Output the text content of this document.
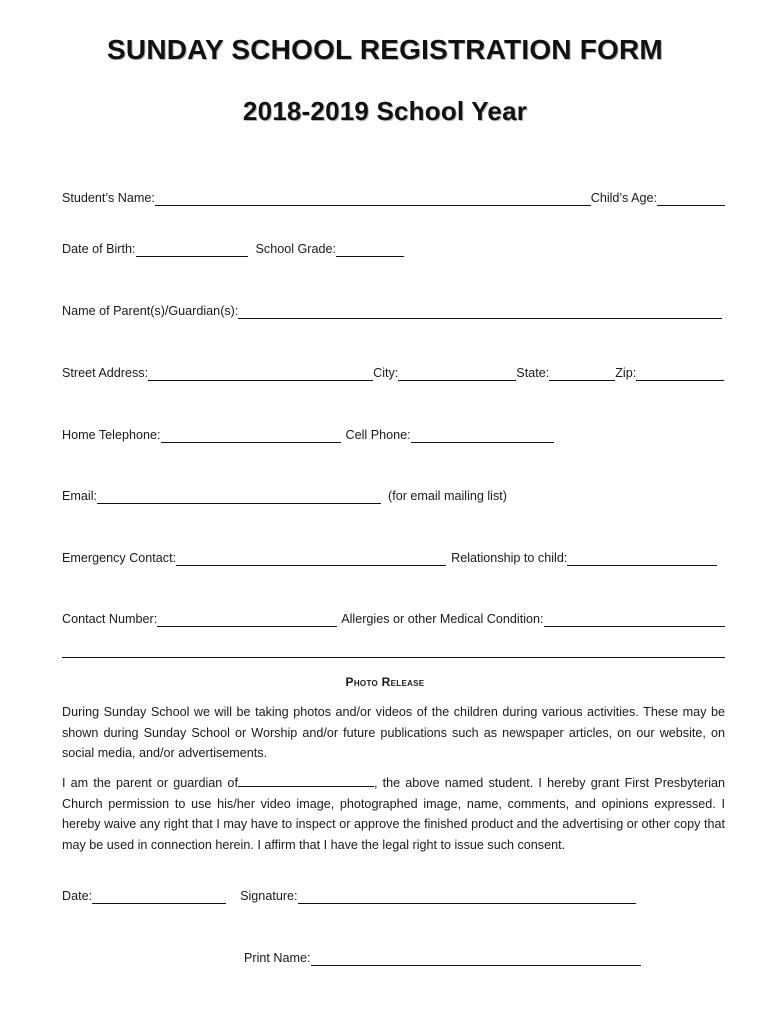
SUNDAY SCHOOL REGISTRATION FORM
2018-2019 School Year
Student’s Name:	Child’s Age:
Date of Birth:	School Grade:
Name of Parent(s)/Guardian(s):
Street Address:	City:	State:	Zip:
Home Telephone:	Cell Phone:
Email:	(for email mailing list)
Emergency Contact:	Relationship to child:
Contact Number:	Allergies or other Medical Condition:
Photo Release

During Sunday School we will be taking photos and/or videos of the children during various activities. These may be shown during Sunday School or Worship and/or future publications such as newspaper articles, on our website, on social media, and/or advertisements.

I am the parent or guardian of	, the above named student. I hereby grant First Presbyterian Church permission to use his/her video image, photographed image, name, comments, and opinions expressed. I hereby waive any right that I may have to inspect or approve the finished product and the advertising or other copy that may be used in connection herein. I affirm that I have the legal right to issue such consent.

Date:	Signature:
Print Name:
